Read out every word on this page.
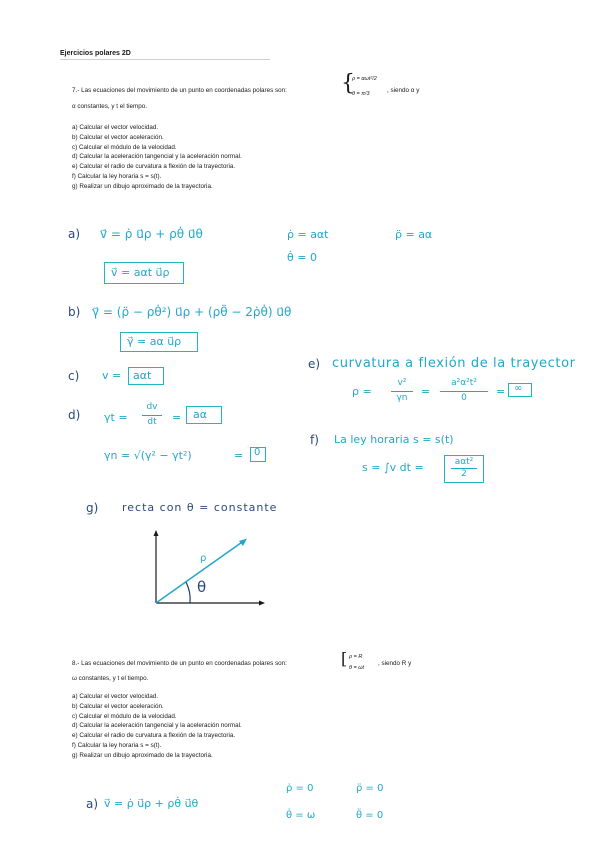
Ejercicios polares 2D
7.- Las ecuaciones del movimiento de un punto en coordenadas polares son: {
ρ = αωt²/2
θ = π/3	, siendo α y
α constantes, y t el tiempo.
a) Calcular el vector velocidad.
b) Calcular el vector aceleración.
c) Calcular el módulo de la velocidad.
d) Calcular la aceleración tangencial y la aceleración normal.
e) Calcular el radio de curvatura a flexión de la trayectoria.
f) Calcular la ley horaria s = s(t).
g) Realizar un dibujo aproximado de la trayectoria.
a) v⃗ = ρ̇ u⃗ρ + ρθ̇ u⃗θ	ρ̇ = aαt	ρ̈ = aα
θ̇ = 0
v⃗ = aαt u⃗ρ
b) γ⃗ = (ρ̈ − ρθ̇²) u⃗ρ + (ρθ̈ − 2ρ̇θ̇) u⃗θ
γ⃗ = aα u⃗ρ
e) curvatura a flexión de la trayector
c) v = aαt
ρ =
v²
γn	=
a²α²t²
0	= ∞
d) γt =
dv
dt	= aα
f) La ley horaria s = s(t)
γn = √(γ² − γt²)	= 0
s = ∫v dt =	aαt²
2
g) recta con θ = constante
ρ
θ
8.- Las ecuaciones del movimiento de un punto en coordenadas polares son:	[ ρ = R
θ = ωt
, siendo R y
ω constantes, y t el tiempo.
a) Calcular el vector velocidad.
b) Calcular el vector aceleración.
c) Calcular el módulo de la velocidad.
d) Calcular la aceleración tangencial y la aceleración normal.
e) Calcular el radio de curvatura a flexión de la trayectoria.
f) Calcular la ley horaria s = s(t).
g) Realizar un dibujo aproximado de la trayectoria.
ρ̇ = 0	ρ̈ = 0
a) v⃗ = ρ̇ u⃗ρ + ρθ̇ u⃗θ
θ̇ = ω	θ̈ = 0
